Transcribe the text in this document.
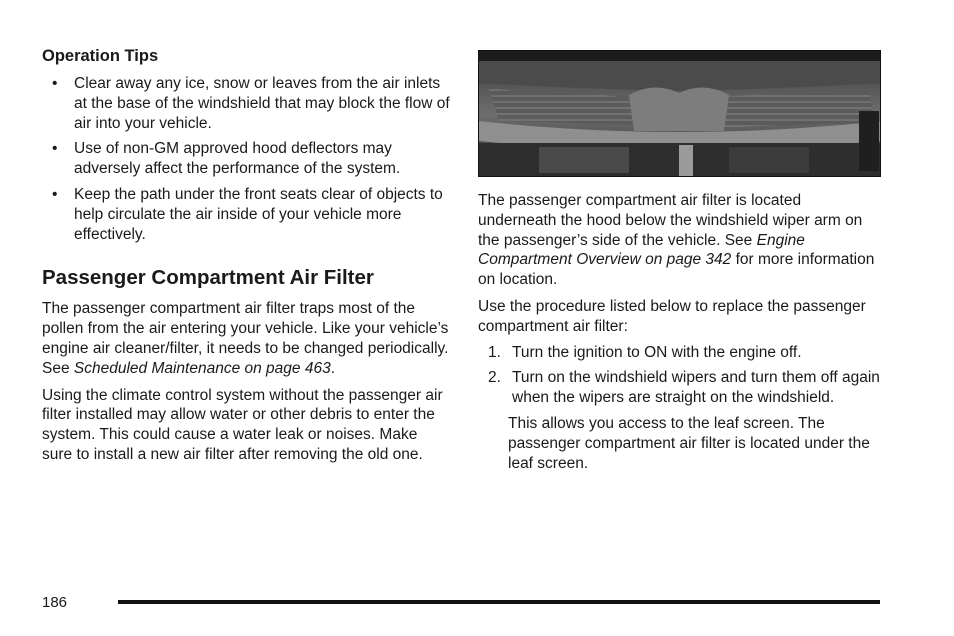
Operation Tips
• Clear away any ice, snow or leaves from the air inlets at the base of the windshield that may block the flow of air into your vehicle.
• Use of non-GM approved hood deflectors may adversely affect the performance of the system.
• Keep the path under the front seats clear of objects to help circulate the air inside of your vehicle more effectively.
Passenger Compartment Air Filter

The passenger compartment air filter traps most of the pollen from the air entering your vehicle. Like your vehicle’s engine air cleaner/filter, it needs to be changed periodically. See Scheduled Maintenance on page 463.

Using the climate control system without the passenger air filter installed may allow water or other debris to enter the system. This could cause a water leak or noises. Make sure to install a new air filter after removing the old one.

The passenger compartment air filter is located underneath the hood below the windshield wiper arm on the passenger’s side of the vehicle. See Engine Compartment Overview on page 342 for more information on location.

Use the procedure listed below to replace the passenger compartment air filter:

1. Turn the ignition to ON with the engine off.
2. Turn on the windshield wipers and turn them off again when the wipers are straight on the windshield.

This allows you access to the leaf screen. The passenger compartment air filter is located under the leaf screen.

186
